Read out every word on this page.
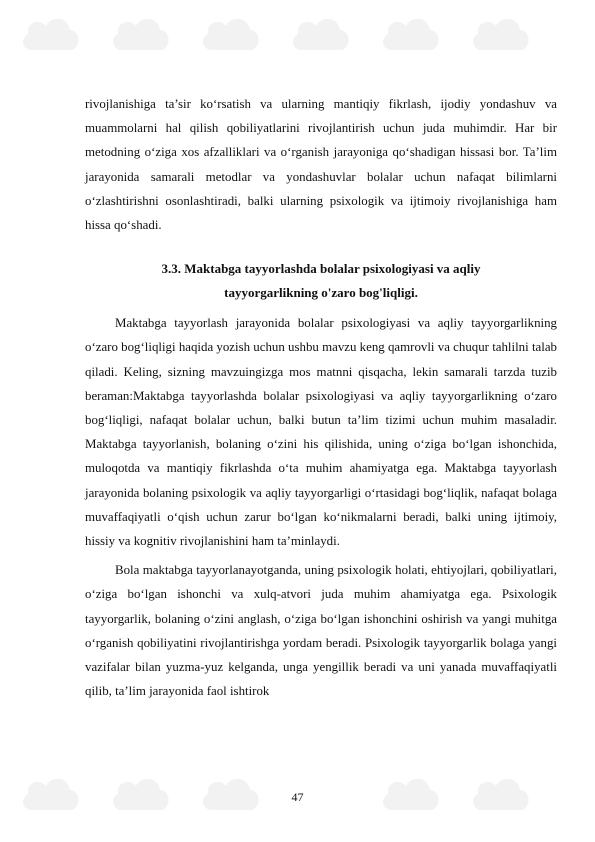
rivojlanishiga ta’sir ko‘rsatish va ularning mantiqiy fikrlash, ijodiy yondashuv va muammolarni hal qilish qobiliyatlarini rivojlantirish uchun juda muhimdir. Har bir metodning o‘ziga xos afzalliklari va o‘rganish jarayoniga qo‘shadigan hissasi bor. Ta’lim jarayonida samarali metodlar va yondashuvlar bolalar uchun nafaqat bilimlarni o‘zlashtirishni osonlashtiradi, balki ularning psixologik va ijtimoiy rivojlanishiga ham hissa qo‘shadi.

3.3. Maktabga tayyorlashda bolalar psixologiyasi va aqliy
tayyorgarlikning o'zaro bog'liqligi.

Maktabga tayyorlash jarayonida bolalar psixologiyasi va aqliy tayyorgarlikning o‘zaro bog‘liqligi haqida yozish uchun ushbu mavzu keng qamrovli va chuqur tahlilni talab qiladi. Keling, sizning mavzuingizga mos matnni qisqacha, lekin samarali tarzda tuzib beraman:Maktabga tayyorlashda bolalar psixologiyasi va aqliy tayyorgarlikning o‘zaro bog‘liqligi, nafaqat bolalar uchun, balki butun ta’lim tizimi uchun muhim masaladir. Maktabga tayyorlanish, bolaning o‘zini his qilishida, uning o‘ziga bo‘lgan ishonchida, muloqotda va mantiqiy fikrlashda o‘ta muhim ahamiyatga ega. Maktabga tayyorlash jarayonida bolaning psixologik va aqliy tayyorgarligi o‘rtasidagi bog‘liqlik, nafaqat bolaga muvaffaqiyatli o‘qish uchun zarur bo‘lgan ko‘nikmalarni beradi, balki uning ijtimoiy, hissiy va kognitiv rivojlanishini ham ta’minlaydi.

Bola maktabga tayyorlanayotganda, uning psixologik holati, ehtiyojlari, qobiliyatlari, o‘ziga bo‘lgan ishonchi va xulq-atvori juda muhim ahamiyatga ega. Psixologik tayyorgarlik, bolaning o‘zini anglash, o‘ziga bo‘lgan ishonchini oshirish va yangi muhitga o‘rganish qobiliyatini rivojlantirishga yordam beradi. Psixologik tayyorgarlik bolaga yangi vazifalar bilan yuzma-yuz kelganda, unga yengillik beradi va uni yanada muvaffaqiyatli qilib, ta’lim jarayonida faol ishtirok

47
